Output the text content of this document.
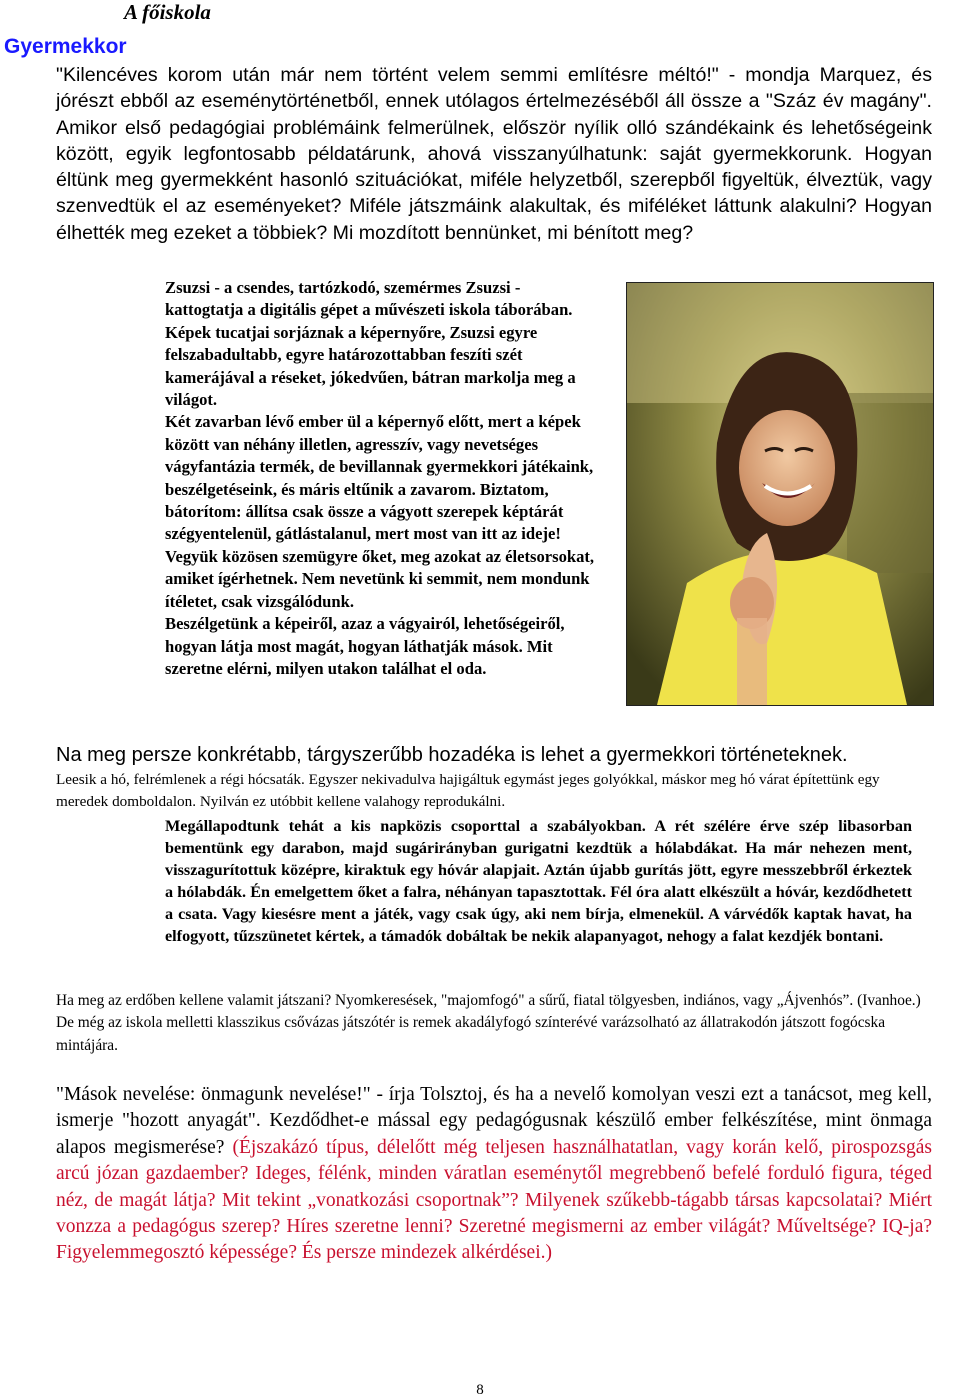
A főiskola
Gyermekkor

"Kilencéves korom után már nem történt velem semmi említésre méltó!" - mondja Marquez, és jórészt ebből az eseménytörténetből, ennek utólagos értelmezéséből áll össze a "Száz év magány". Amikor első pedagógiai problémáink felmerülnek, először nyílik olló szándékaink és lehetőségeink között, egyik legfontosabb példatárunk, ahová visszanyúlhatunk: saját gyermekkorunk. Hogyan éltünk meg gyermekként hasonló szituációkat, miféle helyzetből, szerepből figyeltük, élveztük, vagy szenvedtük el az eseményeket? Miféle játszmáink alakultak, és miféléket láttunk alakulni? Hogyan élhették meg ezeket a többiek? Mi mozdított bennünket, mi bénított meg?

Zsuzsi - a csendes, tartózkodó, szemérmes Zsuzsi - kattogtatja a digitális gépet a művészeti iskola táborában. Képek tucatjai sorjáznak a képernyőre, Zsuzsi egyre felszabadultabb, egyre határozottabban feszíti szét kamerájával a réseket, jókedvűen, bátran markolja meg a világot.

Két zavarban lévő ember ül a képernyő előtt, mert a képek között van néhány illetlen, agresszív, vagy nevetséges vágyfantázia termék, de bevillannak gyermekkori játékaink, beszélgetéseink, és máris eltűnik a zavarom. Biztatom, bátorítom: állítsa csak össze a vágyott szerepek képtárát szégyentelenül, gátlástalanul, mert most van itt az ideje! Vegyük közösen szemügyre őket, meg azokat az életsorsokat, amiket ígérhetnek. Nem nevetünk ki semmit, nem mondunk ítéletet, csak vizsgálódunk.

Beszélgetünk a képeiről, azaz a vágyairól, lehetőségeiről, hogyan látja most magát, hogyan láthatják mások. Mit szeretne elérni, milyen utakon találhat el oda.

Na meg persze konkrétabb, tárgyszerűbb hozadéka is lehet a gyermekkori történeteknek.

Leesik a hó, felrémlenek a régi hócsaták. Egyszer nekivadulva hajigáltuk egymást jeges golyókkal, máskor meg hó várat építettünk egy meredek domboldalon. Nyilván ez utóbbit kellene valahogy reprodukálni.

Megállapodtunk tehát a kis napközis csoporttal a szabályokban. A rét szélére érve szép libasorban bementünk egy darabon, majd sugárirányban gurigatni kezdtük a hólabdákat. Ha már nehezen ment, visszagurítottuk középre, kiraktuk egy hóvár alapjait. Aztán újabb gurítás jött, egyre messzebbről érkeztek a hólabdák. Én emelgettem őket a falra, néhányan tapasztottak. Fél óra alatt elkészült a hóvár, kezdődhetett a csata. Vagy kiesésre ment a játék, vagy csak úgy, aki nem bírja, elmenekül. A várvédők kaptak havat, ha elfogyott, tűzszünetet kértek, a támadók dobáltak be nekik alapanyagot, nehogy a falat kezdjék bontani.

Ha meg az erdőben kellene valamit játszani? Nyomkeresések, "majomfogó" a sűrű, fiatal tölgyesben, indiános, vagy „Ájvenhós”. (Ivanhoe.) De még az iskola melletti klasszikus csővázas játszótér is remek akadályfogó színterévé varázsolható az állatrakodón játszott fogócska mintájára.

"Mások nevelése: önmagunk nevelése!" - írja Tolsztoj, és ha a nevelő komolyan veszi ezt a tanácsot, meg kell, ismerje "hozott anyagát". Kezdődhet-e mással egy pedagógusnak készülő ember felkészítése, mint önmaga alapos megismerése? (Éjszakázó típus, délelőtt még teljesen használhatatlan, vagy korán kelő, pirospozsgás arcú józan gazdaember? Ideges, félénk, minden váratlan eseménytől megrebbenő befelé forduló figura, téged néz, de magát látja? Mit tekint „vonatkozási csoportnak”? Milyenek szűkebb-tágabb társas kapcsolatai? Miért vonzza a pedagógus szerep? Híres szeretne lenni? Szeretné megismerni az ember világát? Műveltsége? IQ-ja? Figyelemmegosztó képessége? És persze mindezek alkérdései.)

8
